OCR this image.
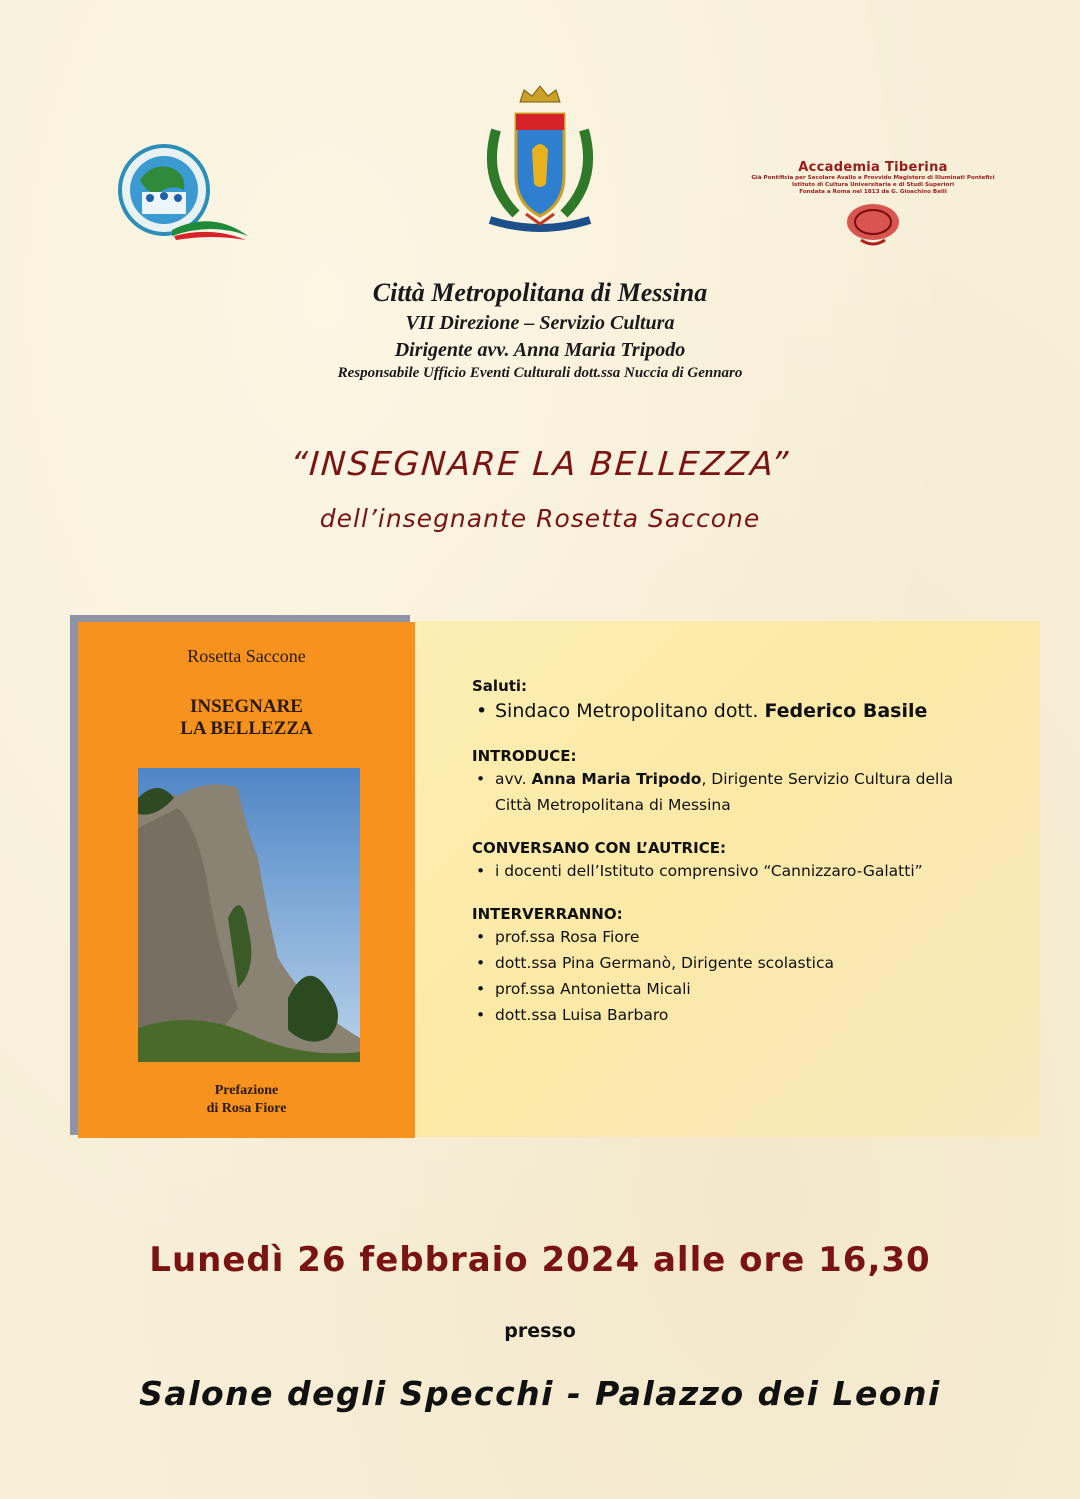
Accademia Tiberina
Già Pontificia per Secolare Avallo e Provvido Magistero di Illuminati Pontefici
Istituto di Cultura Universitaria e di Studi Superiori
Fondata a Roma nel 1813 da G. Gioachino Belli
Città Metropolitana di Messina
VII Direzione – Servizio Cultura
Dirigente avv. Anna Maria Tripodo
Responsabile Ufficio Eventi Culturali dott.ssa Nuccia di Gennaro
“INSEGNARE LA BELLEZZA”
dell’insegnante Rosetta Saccone
Rosetta Saccone
INSEGNARE
LA BELLEZZA
Prefazione
di Rosa Fiore
Saluti:
• Sindaco Metropolitano dott. Federico Basile
INTRODUCE:
• avv. Anna Maria Tripodo, Dirigente Servizio Cultura della
Città Metropolitana di Messina
CONVERSANO CON L’AUTRICE:
• i docenti dell’Istituto comprensivo “Cannizzaro-Galatti”
INTERVERRANNO:
• prof.ssa Rosa Fiore
• dott.ssa Pina Germanò, Dirigente scolastica
• prof.ssa Antonietta Micali
• dott.ssa Luisa Barbaro
Lunedì 26 febbraio 2024 alle ore 16,30
presso
Salone degli Specchi - Palazzo dei Leoni
